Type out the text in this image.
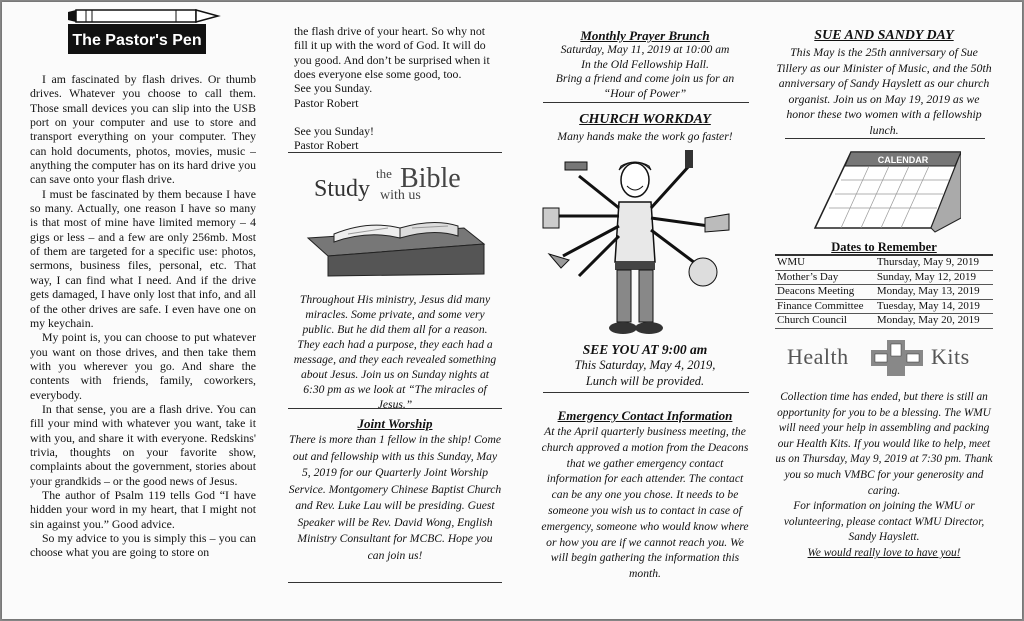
The Pastor's Pen

I am fascinated by flash drives. Or thumb drives. Whatever you choose to call them. Those small devices you can slip into the USB port on your computer and use to store and transport everything on your computer. They can hold documents, photos, movies, music – anything the computer has on its hard drive you can save onto your flash drive.

I must be fascinated by them because I have so many. Actually, one reason I have so many is that most of mine have limited memory – 4 gigs or less – and a few are only 256mb. Most of them are targeted for a specific use: photos, sermons, business files, personal, etc. That way, I can find what I need. And if the drive gets damaged, I have only lost that info, and all of the other drives are safe. I even have one on my keychain.

My point is, you can choose to put whatever you want on those drives, and then take them with you wherever you go. And share the contents with friends, family, coworkers, everybody.

In that sense, you are a flash drive. You can fill your mind with whatever you want, take it with you, and share it with everyone. Redskins' trivia, thoughts on your favorite show, complaints about the government, stories about your grandkids – or the good news of Jesus.

The author of Psalm 119 tells God “I have hidden your word in my heart, that I might not sin against you.” Good advice.

So my advice to you is simply this – you can choose what you are going to store on

the flash drive of your heart. So why not
fill it up with the word of God. It will do
you good. And don’t be surprised when it
does everyone else some good, too.
See you Sunday.
Pastor Robert
See you Sunday!
Pastor Robert
Study
the Bible
with us
Throughout His ministry, Jesus did many miracles. Some private, and some very public. But he did them all for a reason. They each had a purpose, they each had a message, and they each revealed something about Jesus. Join us on Sunday nights at 6:30 pm as we look at “The miracles of Jesus.”
Joint Worship
There is more than 1 fellow in the ship! Come out and fellowship with us this Sunday, May 5, 2019 for our Quarterly Joint Worship Service. Montgomery Chinese Baptist Church and Rev. Luke Lau will be presiding. Guest Speaker will be Rev. David Wong, English Ministry Consultant for MCBC. Hope you can join us!
Monthly Prayer Brunch
Saturday, May 11, 2019 at 10:00 am
In the Old Fellowship Hall.
Bring a friend and come join us for an
“Hour of Power”
CHURCH WORKDAY
Many hands make the work go faster!
SEE YOU AT 9:00 am
This Saturday, May 4, 2019,
Lunch will be provided.
Emergency Contact Information
At the April quarterly business meeting, the church approved a motion from the Deacons that we gather emergency contact information for each attender. The contact can be any one you chose. It needs to be someone you wish us to contact in case of emergency, someone who would know where or how you are if we cannot reach you. We will begin gathering the information this month.
SUE AND SANDY DAY
This May is the 25th anniversary of Sue Tillery as our Minister of Music, and the 50th anniversary of Sandy Hayslett as our church organist. Join us on May 19, 2019 as we honor these two women with a fellowship lunch.
CALENDAR
Dates to Remember
WMU	Thursday, May 9, 2019
Mother’s Day	Sunday, May 12, 2019
Deacons Meeting	Monday, May 13, 2019
Finance Committee	Tuesday, May 14, 2019
Church Council	Monday, May 20, 2019
Health	Kits
Collection time has ended, but there is still an opportunity for you to be a blessing. The WMU will need your help in assembling and packing our Health Kits. If you would like to help, meet us on Thursday, May 9, 2019 at 7:30 pm. Thank you so much VMBC for your generosity and caring.
For information on joining the WMU or volunteering, please contact WMU Director, Sandy Hayslett.
We would really love to have you!
